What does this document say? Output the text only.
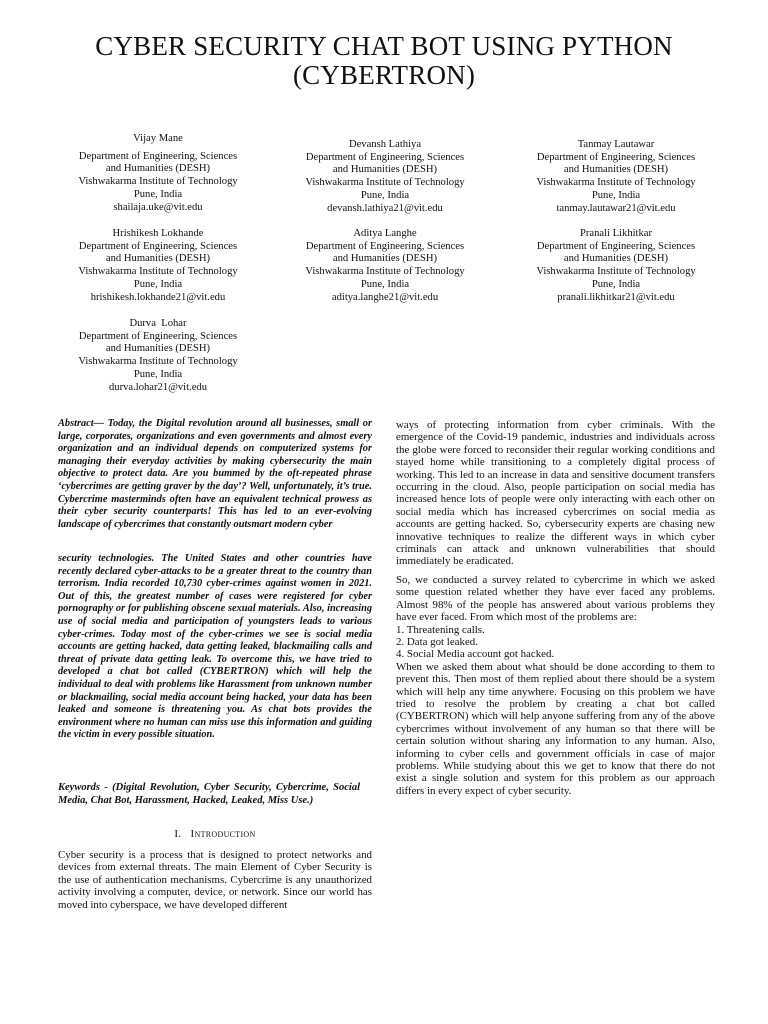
CYBER SECURITY CHAT BOT USING PYTHON (CYBERTRON)
Vijay Mane
Department of Engineering, Sciences
and Humanities (DESH)
Vishwakarma Institute of Technology
Pune, India
shailaja.uke@vit.edu
Devansh Lathiya
Department of Engineering, Sciences
and Humanities (DESH)
Vishwakarma Institute of Technology
Pune, India
devansh.lathiya21@vit.edu
Tanmay Lautawar
Department of Engineering, Sciences
and Humanities (DESH)
Vishwakarma Institute of Technology
Pune, India
tanmay.lautawar21@vit.edu
Hrishikesh Lokhande
Department of Engineering, Sciences
and Humanities (DESH)
Vishwakarma Institute of Technology
Pune, India
hrishikesh.lokhande21@vit.edu
Aditya Langhe
Department of Engineering, Sciences
and Humanities (DESH)
Vishwakarma Institute of Technology
Pune, India
aditya.langhe21@vit.edu
Pranali Likhitkar
Department of Engineering, Sciences
and Humanities (DESH)
Vishwakarma Institute of Technology
Pune, India
pranali.likhitkar21@vit.edu
Durva  Lohar
Department of Engineering, Sciences
and Humanities (DESH)
Vishwakarma Institute of Technology
Pune, India
durva.lohar21@vit.edu

Abstract— Today, the Digital revolution around all businesses, small or large, corporates, organizations and even governments and almost every organization and an individual depends on computerized systems for managing their everyday activities by making cybersecurity the main objective to protect data. Are you bummed by the oft-repeated phrase ‘cybercrimes are getting graver by the day’? Well, unfortunately, it’s true. Cybercrime masterminds often have an equivalent technical prowess as their cyber security counterparts! This has led to an ever-evolving landscape of cybercrimes that constantly outsmart modern cyber

security technologies. The United States and other countries have recently declared cyber-attacks to be a greater threat to the country than terrorism. India recorded 10,730 cyber-crimes against women in 2021. Out of this, the greatest number of cases were registered for cyber pornography or for publishing obscene sexual materials. Also, increasing use of social media and participation of youngsters leads to various cyber-crimes. Today most of the cyber-crimes we see is social media accounts are getting hacked, data getting leaked, blackmailing calls and threat of private data getting leak. To overcome this, we have tried to developed a chat bot called (CYBERTRON) which will help the individual to deal with problems like Harassment from unknown number or blackmailing, social media account being hacked, your data has been leaked and someone is threatening you. As chat bots provides the environment where no human can miss use this information and guiding the victim in every possible situation.

Keywords - (Digital Revolution, Cyber Security, Cybercrime, Social Media, Chat Bot, Harassment, Hacked, Leaked, Miss Use.)

I.   Introduction

Cyber security is a process that is designed to protect networks and devices from external threats. The main Element of Cyber Security is the use of authentication mechanisms. Cybercrime is any unauthorized activity involving a computer, device, or network. Since our world has moved into cyberspace, we have developed different

ways of protecting information from cyber criminals. With the emergence of the Covid-19 pandemic, industries and individuals across the globe were forced to reconsider their regular working conditions and stayed home while transitioning to a completely digital process of working. This led to an increase in data and sensitive document transfers occurring in the cloud. Also, people participation on social media has increased hence lots of people were only interacting with each other on social media which has increased cybercrimes on social media as accounts are getting hacked. So, cybersecurity experts are chasing new innovative techniques to realize the different ways in which cyber criminals can attack and unknown vulnerabilities that should immediately be eradicated.

So, we conducted a survey related to cybercrime in which we asked some question related whether they have ever faced any problems. Almost 98% of the people has answered about various problems they have ever faced. From which most of the problems are:

1. Threatening calls.
2. Data got leaked.
4. Social Media account got hacked.

When we asked them about what should be done according to them to prevent this. Then most of them replied about there should be a system which will help any time anywhere. Focusing on this problem we have tried to resolve the problem by creating a chat bot called (CYBERTRON) which will help anyone suffering from any of the above cybercrimes without involvement of any human so that there will be certain solution without sharing any information to any human. Also, informing to cyber cells and government officials in case of major problems. While studying about this we get to know that there do not exist a single solution and system for this problem as our approach differs in every expect of cyber security.
